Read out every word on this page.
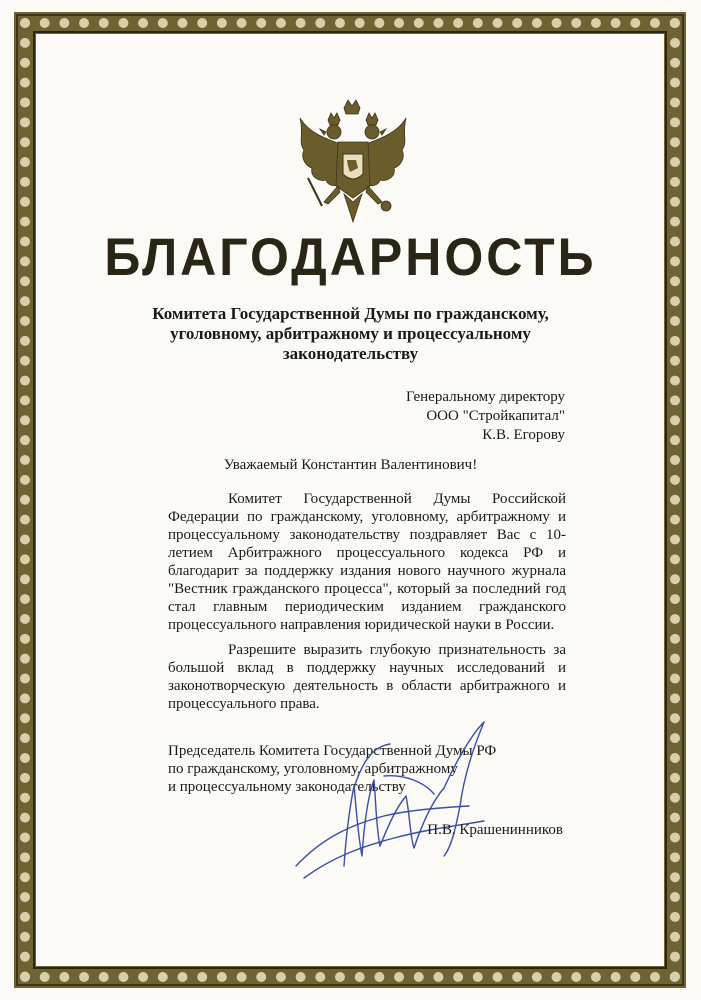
БЛАГОДАРНОСТЬ
Комитета Государственной Думы по гражданскому,
уголовному, арбитражному и процессуальному
законодательству
Генеральному директору
ООО "Стройкапитал"
К.В. Егорову
Уважаемый Константин Валентинович!

Комитет Государственной Думы Российской Федерации по гражданскому, уголовному, арбитражному и процессуальному законодательству поздравляет Вас с 10-летием Арбитражного процессуального кодекса РФ и благодарит за поддержку издания нового научного журнала "Вестник гражданского процесса", который за последний год стал главным периодическим изданием гражданского процессуального направления юридической науки в России.

Разрешите выразить глубокую признательность за большой вклад в поддержку научных исследований и законотворческую деятельность в области арбитражного и процессуального права.

Председатель Комитета Государственной Думы РФ
по гражданскому, уголовному, арбитражному
и процессуальному законодательству
П.В. Крашенинников
